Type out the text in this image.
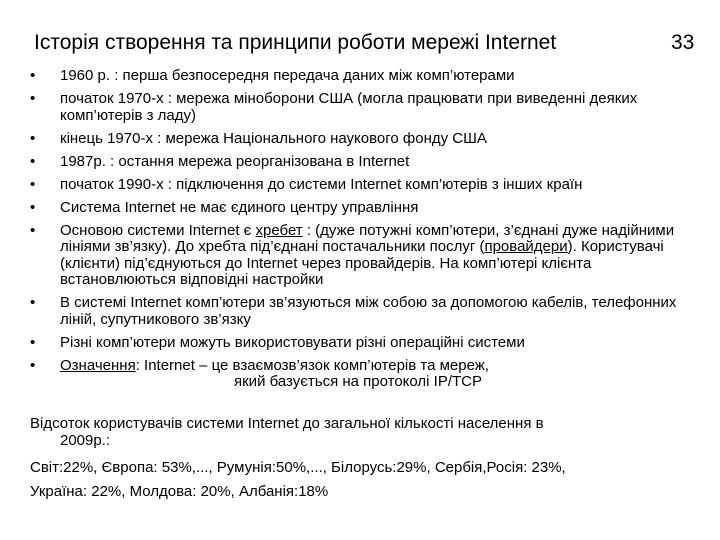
Історія створення та принципи роботи мережі Internet	33
• 1960 р. : перша безпосередня передача даних між комп’ютерами
• початок 1970-х : мережа міноборони США (могла працювати при виведенні деяких комп’ютерів з ладу)
• кінець 1970-х : мережа Національного наукового фонду США
• 1987р. : остання мережа реорганізована в Internet
• початок 1990-х : підключення до системи Internet комп’ютерів з інших країн
• Система Internet не має єдиного центру управління
• Основою системи Internet є хребет : (дуже потужні комп’ютери, з’єднані дуже надійними лініями зв’язку). До хребта під’єднані постачальники послуг (провайдери). Користувачі (клієнти) під’єднуються до Internet через провайдерів. На комп’ютері клієнта встановлюються відповідні настройки
• В системі Internet комп’ютери зв’язуються між собою за допомогою кабелів, телефонних ліній, супутникового зв’язку
• Різні комп’ютери можуть використовувати різні операційні системи
• Означення: Internet – це взаємозв’язок комп’ютерів та мереж,
який базується на протоколі IP/TCP
Відсоток користувачів системи Internet до загальної кількості населення в
2009р.:
Світ:22%, Європа: 53%,..., Румунія:50%,..., Білорусь:29%, Сербія,Росія: 23%,
Україна: 22%, Молдова: 20%, Албанія:18%
